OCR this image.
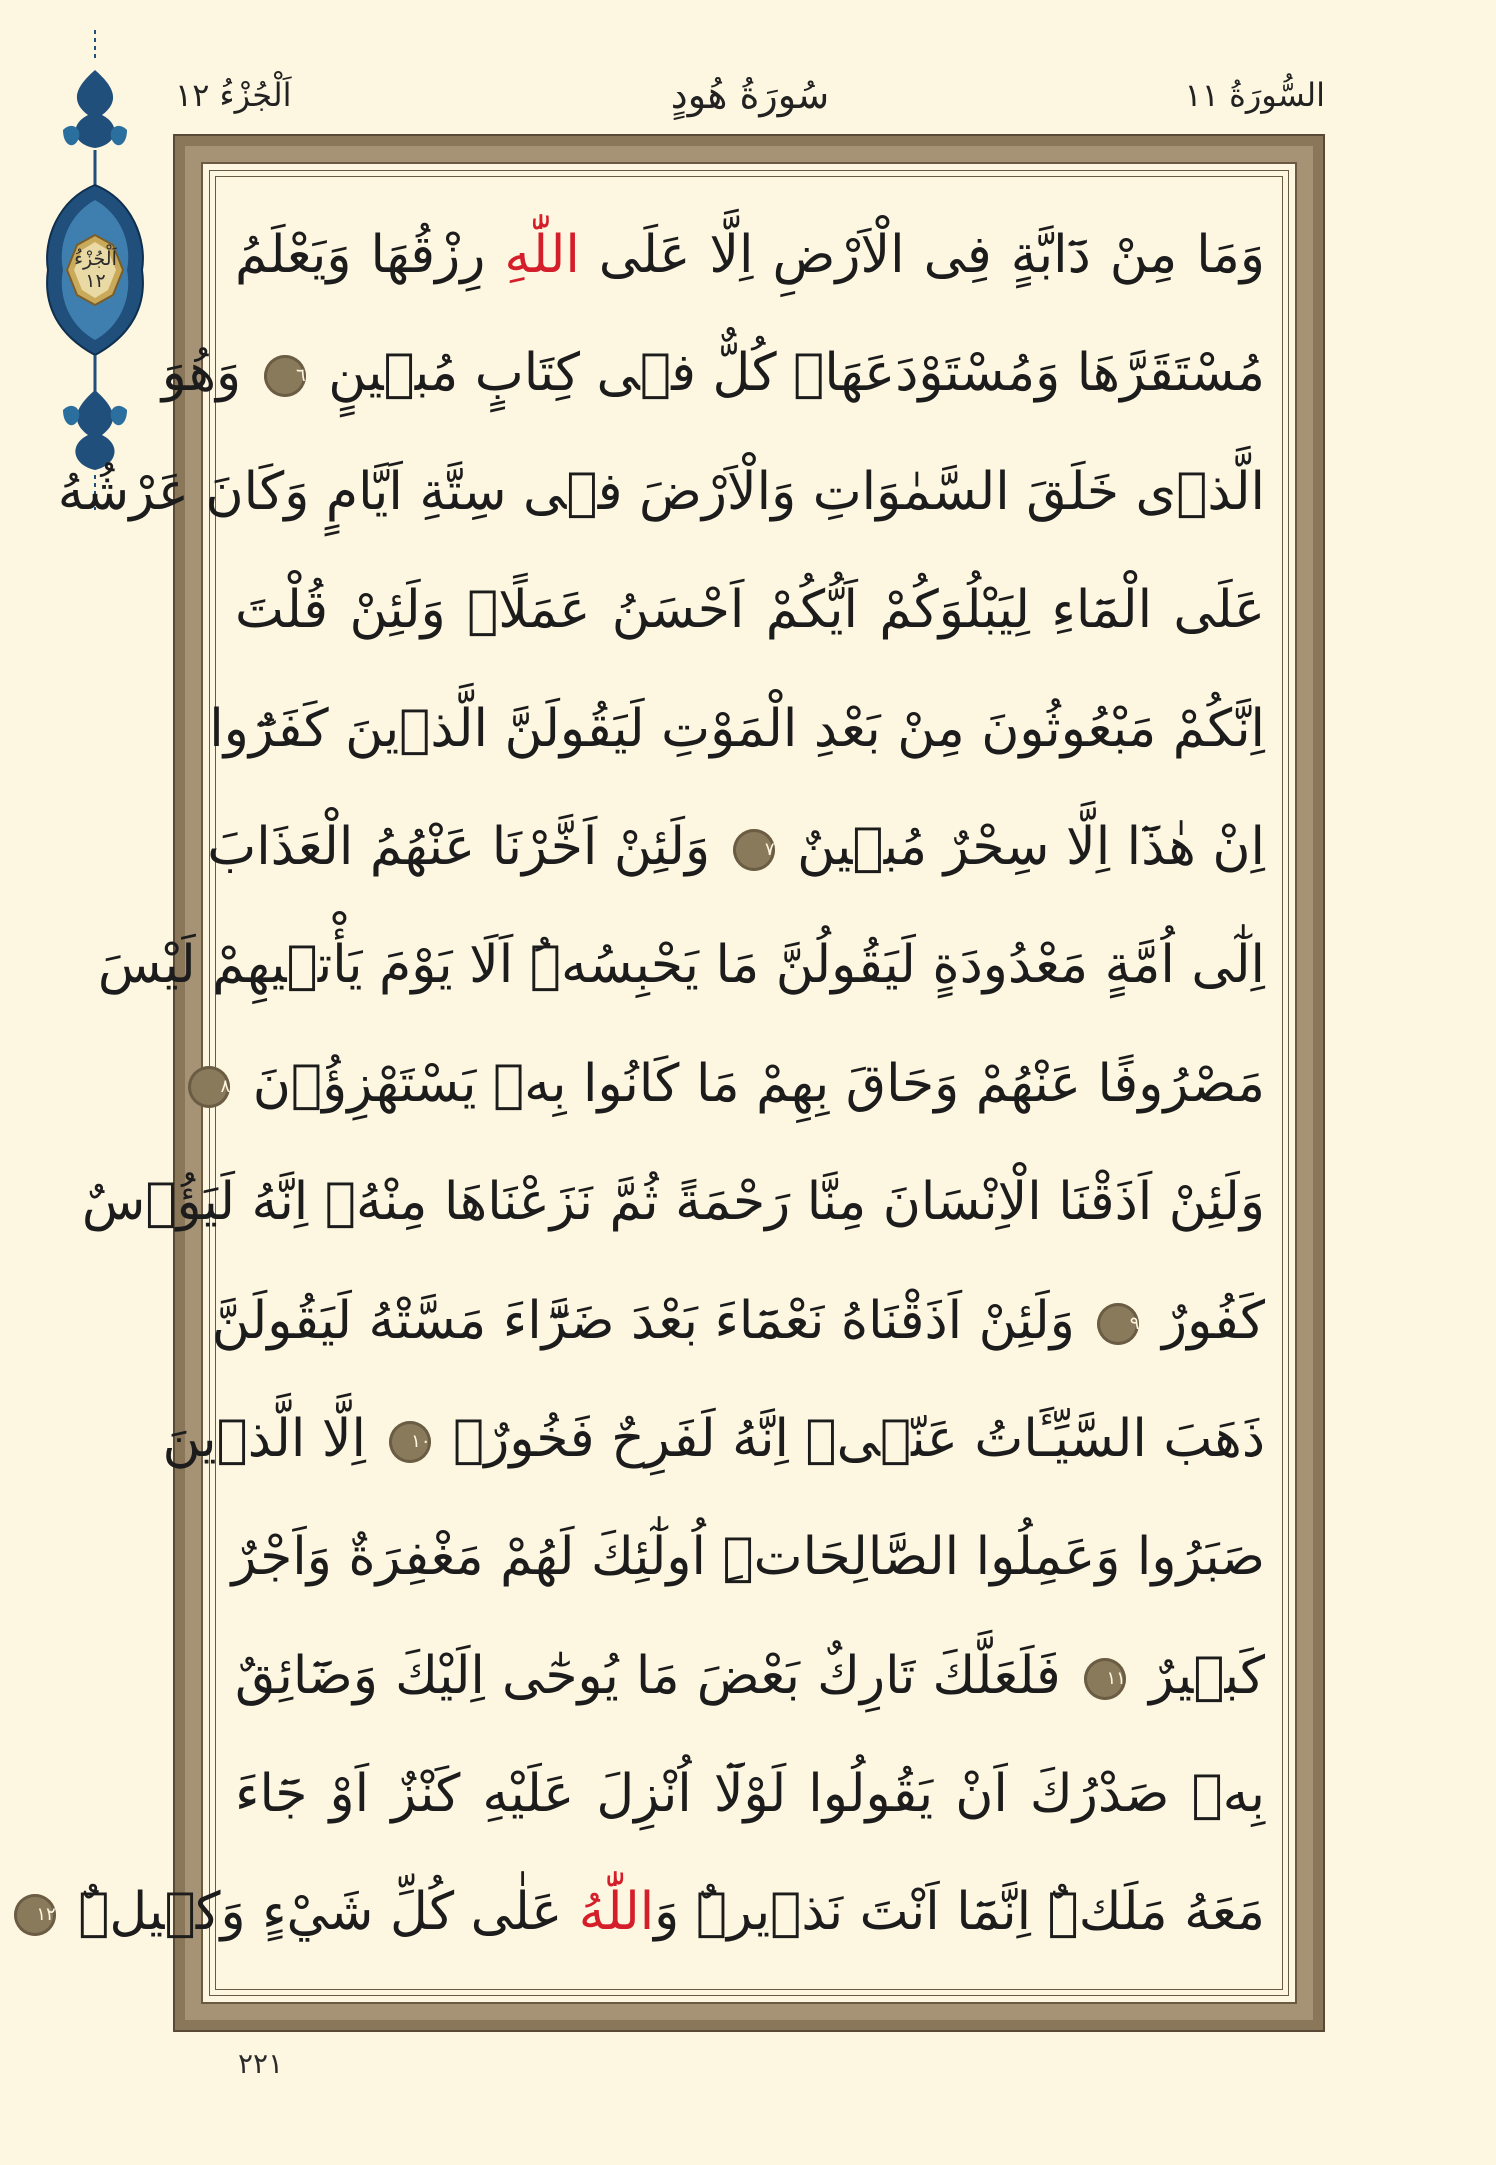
السُّورَةُ ١١
سُورَةُ هُودٍ
اَلْجُزْءُ ١٢
اَلْجُزْءُ
١٢	وَمَا مِنْ دَٓابَّةٍ فِى الْاَرْضِ اِلَّا عَلَى اللّٰهِ رِزْقُهَا وَيَعْلَمُ
مُسْتَقَرَّهَا وَمُسْتَوْدَعَهَاۜ كُلٌّ فٖى كِتَابٍ مُبٖينٍ ٦ وَهُوَ
الَّذٖى خَلَقَ السَّمٰوَاتِ وَالْاَرْضَ فٖى سِتَّةِ اَيَّامٍ وَكَانَ عَرْشُهُ
عَلَى الْمَٓاءِ لِيَبْلُوَكُمْ اَيُّكُمْ اَحْسَنُ عَمَلًاۜ وَلَئِنْ قُلْتَ
اِنَّكُمْ مَبْعُوثُونَ مِنْ بَعْدِ الْمَوْتِ لَيَقُولَنَّ الَّذٖينَ كَفَرُٓوا
اِنْ هٰذَٓا اِلَّا سِحْرٌ مُبٖينٌ ٧ وَلَئِنْ اَخَّرْنَا عَنْهُمُ الْعَذَابَ
اِلٰٓى اُمَّةٍ مَعْدُودَةٍ لَيَقُولُنَّ مَا يَحْبِسُهُۜ اَلَا يَوْمَ يَأْتٖيهِمْ لَيْسَ
مَصْرُوفًا عَنْهُمْ وَحَاقَ بِهِمْ مَا كَانُوا بِهٖ يَسْتَهْزِؤُ۫نَ ٨
وَلَئِنْ اَذَقْنَا الْاِنْسَانَ مِنَّا رَحْمَةً ثُمَّ نَزَعْنَاهَا مِنْهُۚ اِنَّهُ لَيَؤُ۫سٌ
كَفُورٌ ٩ وَلَئِنْ اَذَقْنَاهُ نَعْمَٓاءَ بَعْدَ ضَرَّٓاءَ مَسَّتْهُ لَيَقُولَنَّ
ذَهَبَ السَّيِّـَٔاتُ عَنّٖىۜ اِنَّهُ لَفَرِحٌ فَخُورٌۙ ١٠ اِلَّا الَّذٖينَ
صَبَرُوا وَعَمِلُوا الصَّالِحَاتِۜ اُولٰٓئِكَ لَهُمْ مَغْفِرَةٌ وَاَجْرٌ
كَبٖيرٌ ١١ فَلَعَلَّكَ تَارِكٌ بَعْضَ مَا يُوحٰٓى اِلَيْكَ وَضَٓائِقٌ
بِهٖ صَدْرُكَ اَنْ يَقُولُوا لَوْلَٓا اُنْزِلَ عَلَيْهِ كَنْزٌ اَوْ جَٓاءَ
مَعَهُ مَلَكٌۜ اِنَّمَٓا اَنْتَ نَذٖيرٌۜ وَاللّٰهُ عَلٰى كُلِّ شَيْءٍ وَكٖيلٌۜ ١٢
٢٢١
